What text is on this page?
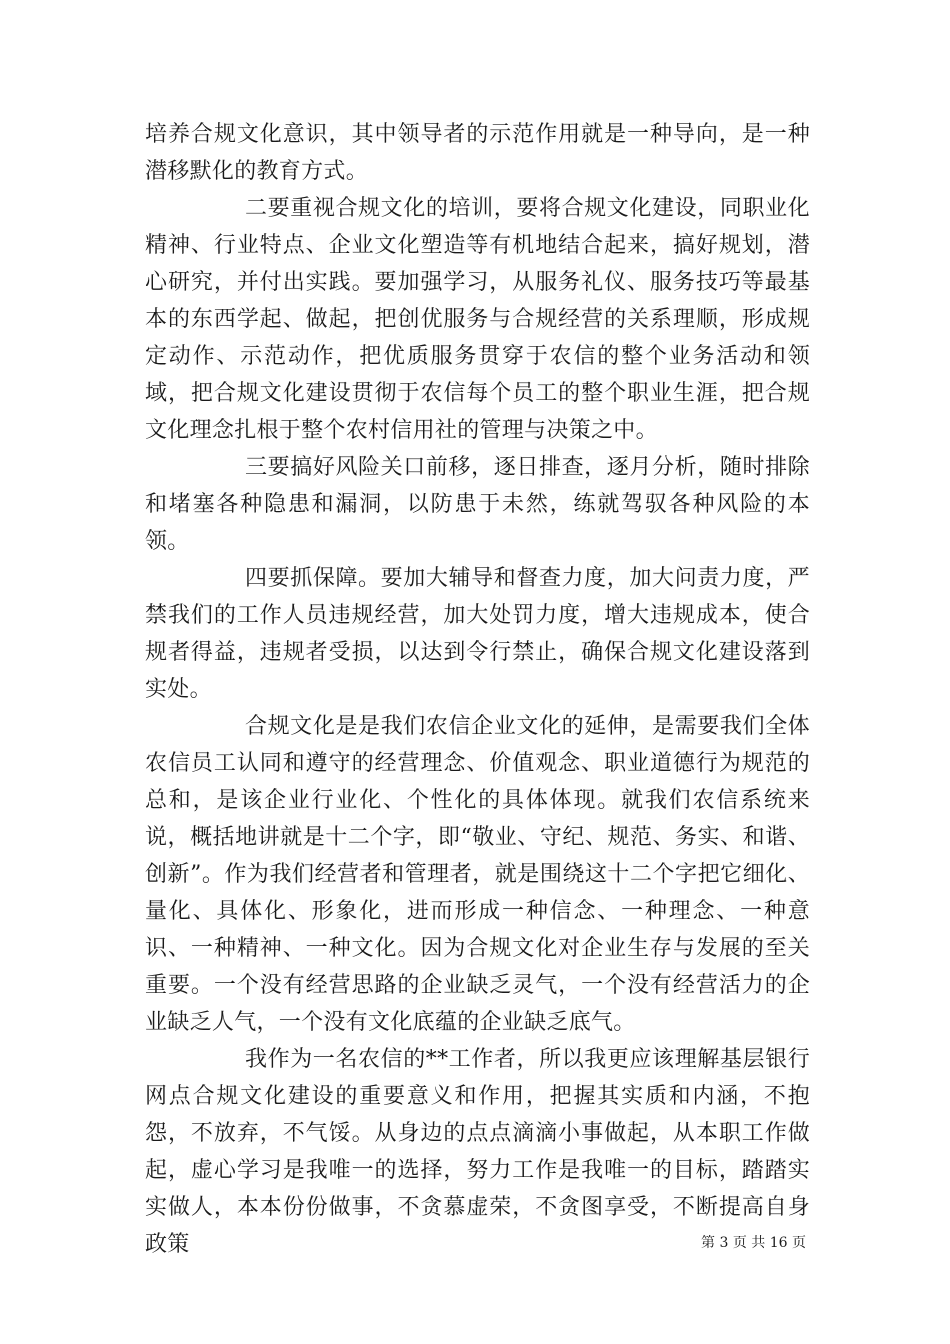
培养合规文化意识，其中领导者的示范作用就是一种导向，是一种潜移默化的教育方式。

二要重视合规文化的培训，要将合规文化建设，同职业化精神、行业特点、企业文化塑造等有机地结合起来，搞好规划，潜心研究，并付出实践。要加强学习，从服务礼仪、服务技巧等最基本的东西学起、做起，把创优服务与合规经营的关系理顺，形成规定动作、示范动作，把优质服务贯穿于农信的整个业务活动和领域，把合规文化建设贯彻于农信每个员工的整个职业生涯，把合规文化理念扎根于整个农村信用社的管理与决策之中。

三要搞好风险关口前移，逐日排查，逐月分析，随时排除和堵塞各种隐患和漏洞，以防患于未然，练就驾驭各种风险的本领。

四要抓保障。要加大辅导和督查力度，加大问责力度，严禁我们的工作人员违规经营，加大处罚力度，增大违规成本，使合规者得益，违规者受损，以达到令行禁止，确保合规文化建设落到实处。

合规文化是是我们农信企业文化的延伸，是需要我们全体农信员工认同和遵守的经营理念、价值观念、职业道德行为规范的总和，是该企业行业化、个性化的具体体现。就我们农信系统来说，概括地讲就是十二个字，即“敬业、守纪、规范、务实、和谐、创新”。作为我们经营者和管理者，就是围绕这十二个字把它细化、量化、具体化、形象化，进而形成一种信念、一种理念、一种意识、一种精神、一种文化。因为合规文化对企业生存与发展的至关重要。一个没有经营思路的企业缺乏灵气，一个没有经营活力的企业缺乏人气，一个没有文化底蕴的企业缺乏底气。

我作为一名农信的**工作者，所以我更应该理解基层银行网点合规文化建设的重要意义和作用，把握其实质和内涵，不抱怨，不放弃，不气馁。从身边的点点滴滴小事做起，从本职工作做起，虚心学习是我唯一的选择，努力工作是我唯一的目标，踏踏实实做人，本本份份做事，不贪慕虚荣，不贪图享受，不断提高自身政策	第 3 页 共 16 页
